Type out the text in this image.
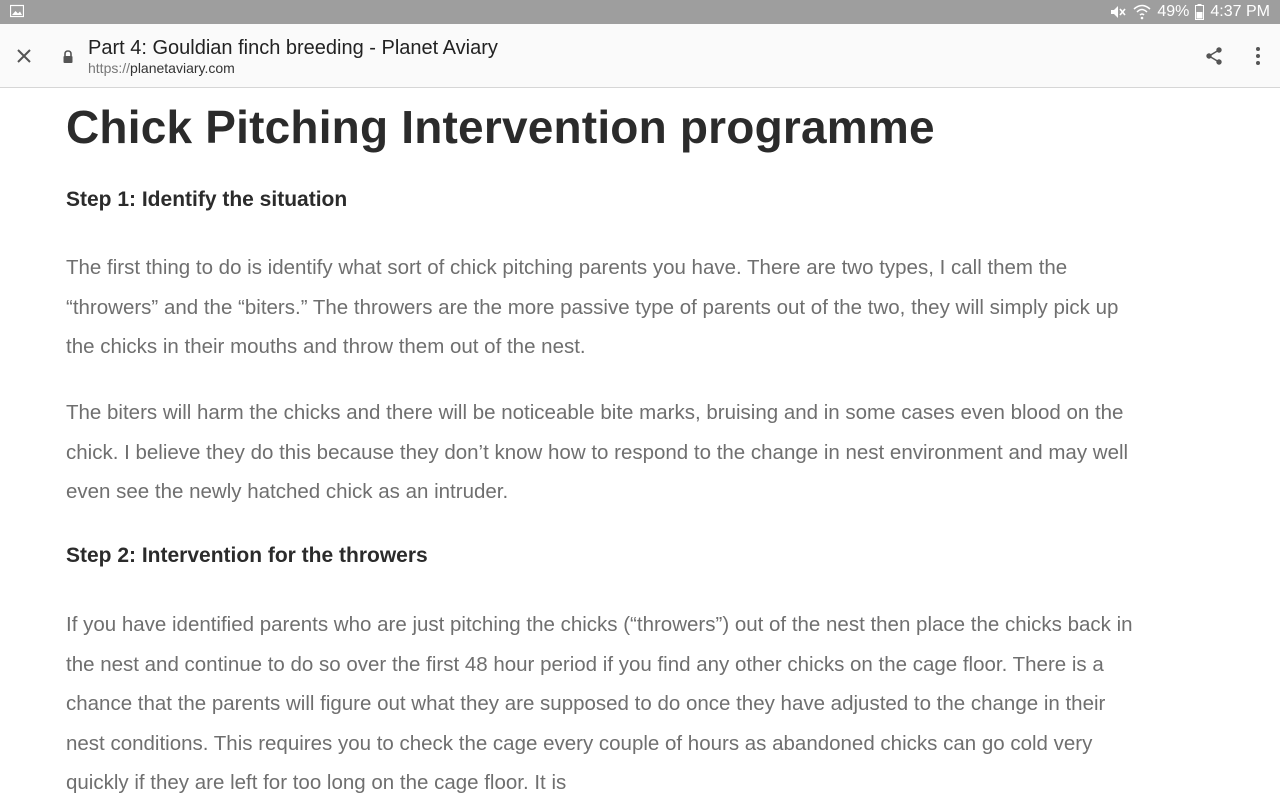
49% 4:37 PM
Part 4: Gouldian finch breeding - Planet Aviary
https://planetaviary.com
Chick Pitching Intervention programme
Step 1: Identify the situation

The first thing to do is identify what sort of chick pitching parents you have. There are two types, I call them the “throwers” and the “biters.” The throwers are the more passive type of parents out of the two, they will simply pick up the chicks in their mouths and throw them out of the nest.

The biters will harm the chicks and there will be noticeable bite marks, bruising and in some cases even blood on the chick. I believe they do this because they don’t know how to respond to the change in nest environment and may well even see the newly hatched chick as an intruder.

Step 2: Intervention for the throwers

If you have identified parents who are just pitching the chicks (“throwers”) out of the nest then place the chicks back in the nest and continue to do so over the first 48 hour period if you find any other chicks on the cage floor. There is a chance that the parents will figure out what they are supposed to do once they have adjusted to the change in their nest conditions. This requires you to check the cage every couple of hours as abandoned chicks can go cold very quickly if they are left for too long on the cage floor. It is
